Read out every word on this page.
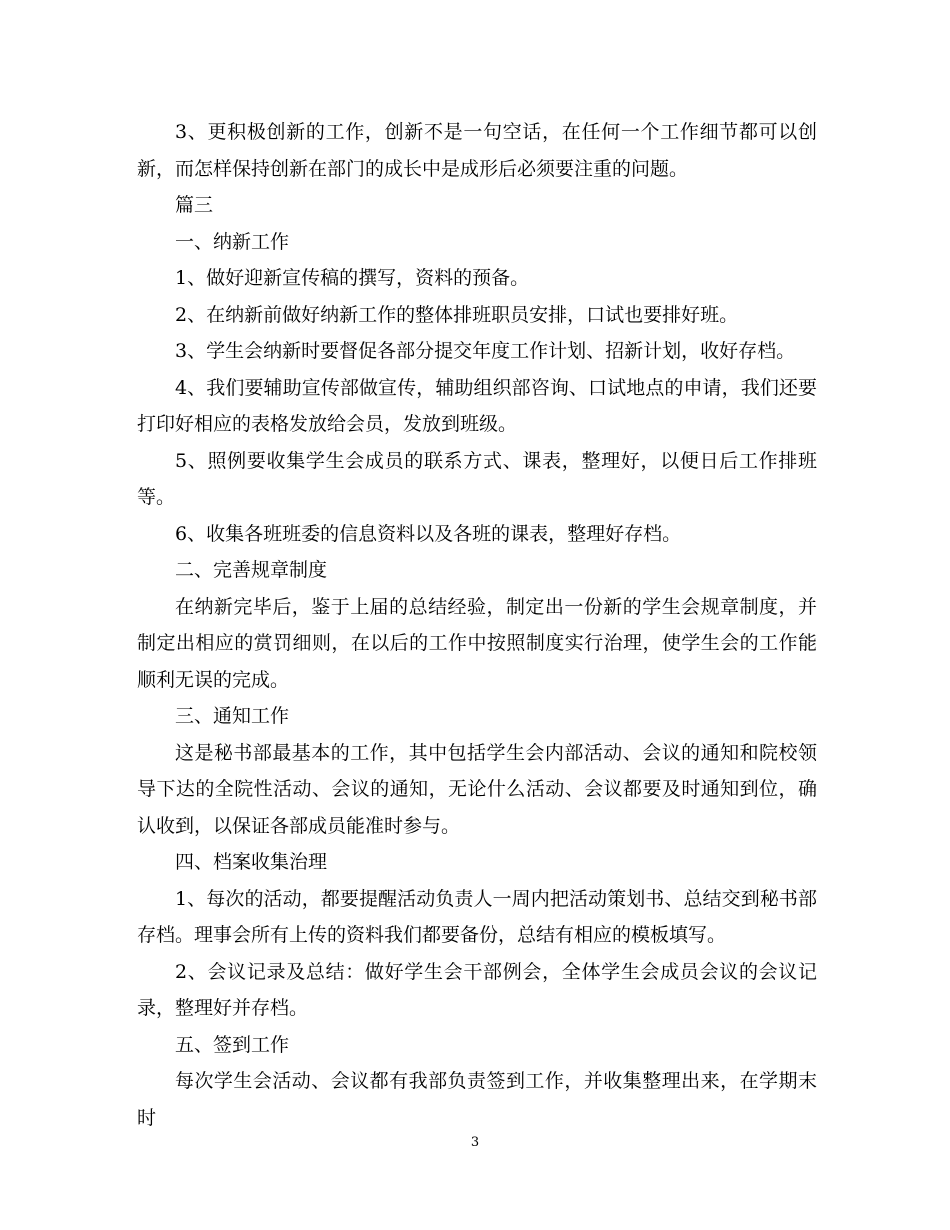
3、更积极创新的工作，创新不是一句空话，在任何一个工作细节都可以创新，而怎样保持创新在部门的成长中是成形后必须要注重的问题。

篇三

一、纳新工作

1、做好迎新宣传稿的撰写，资料的预备。

2、在纳新前做好纳新工作的整体排班职员安排，口试也要排好班。

3、学生会纳新时要督促各部分提交年度工作计划、招新计划，收好存档。

4、我们要辅助宣传部做宣传，辅助组织部咨询、口试地点的申请，我们还要打印好相应的表格发放给会员，发放到班级。

5、照例要收集学生会成员的联系方式、课表，整理好，以便日后工作排班等。

6、收集各班班委的信息资料以及各班的课表，整理好存档。

二、完善规章制度

在纳新完毕后，鉴于上届的总结经验，制定出一份新的学生会规章制度，并制定出相应的赏罚细则，在以后的工作中按照制度实行治理，使学生会的工作能顺利无误的完成。

三、通知工作

这是秘书部最基本的工作，其中包括学生会内部活动、会议的通知和院校领导下达的全院性活动、会议的通知，无论什么活动、会议都要及时通知到位，确认收到，以保证各部成员能准时参与。

四、档案收集治理

1、每次的活动，都要提醒活动负责人一周内把活动策划书、总结交到秘书部存档。理事会所有上传的资料我们都要备份，总结有相应的模板填写。

2、会议记录及总结：做好学生会干部例会，全体学生会成员会议的会议记录，整理好并存档。

五、签到工作

每次学生会活动、会议都有我部负责签到工作，并收集整理出来，在学期末时

3
